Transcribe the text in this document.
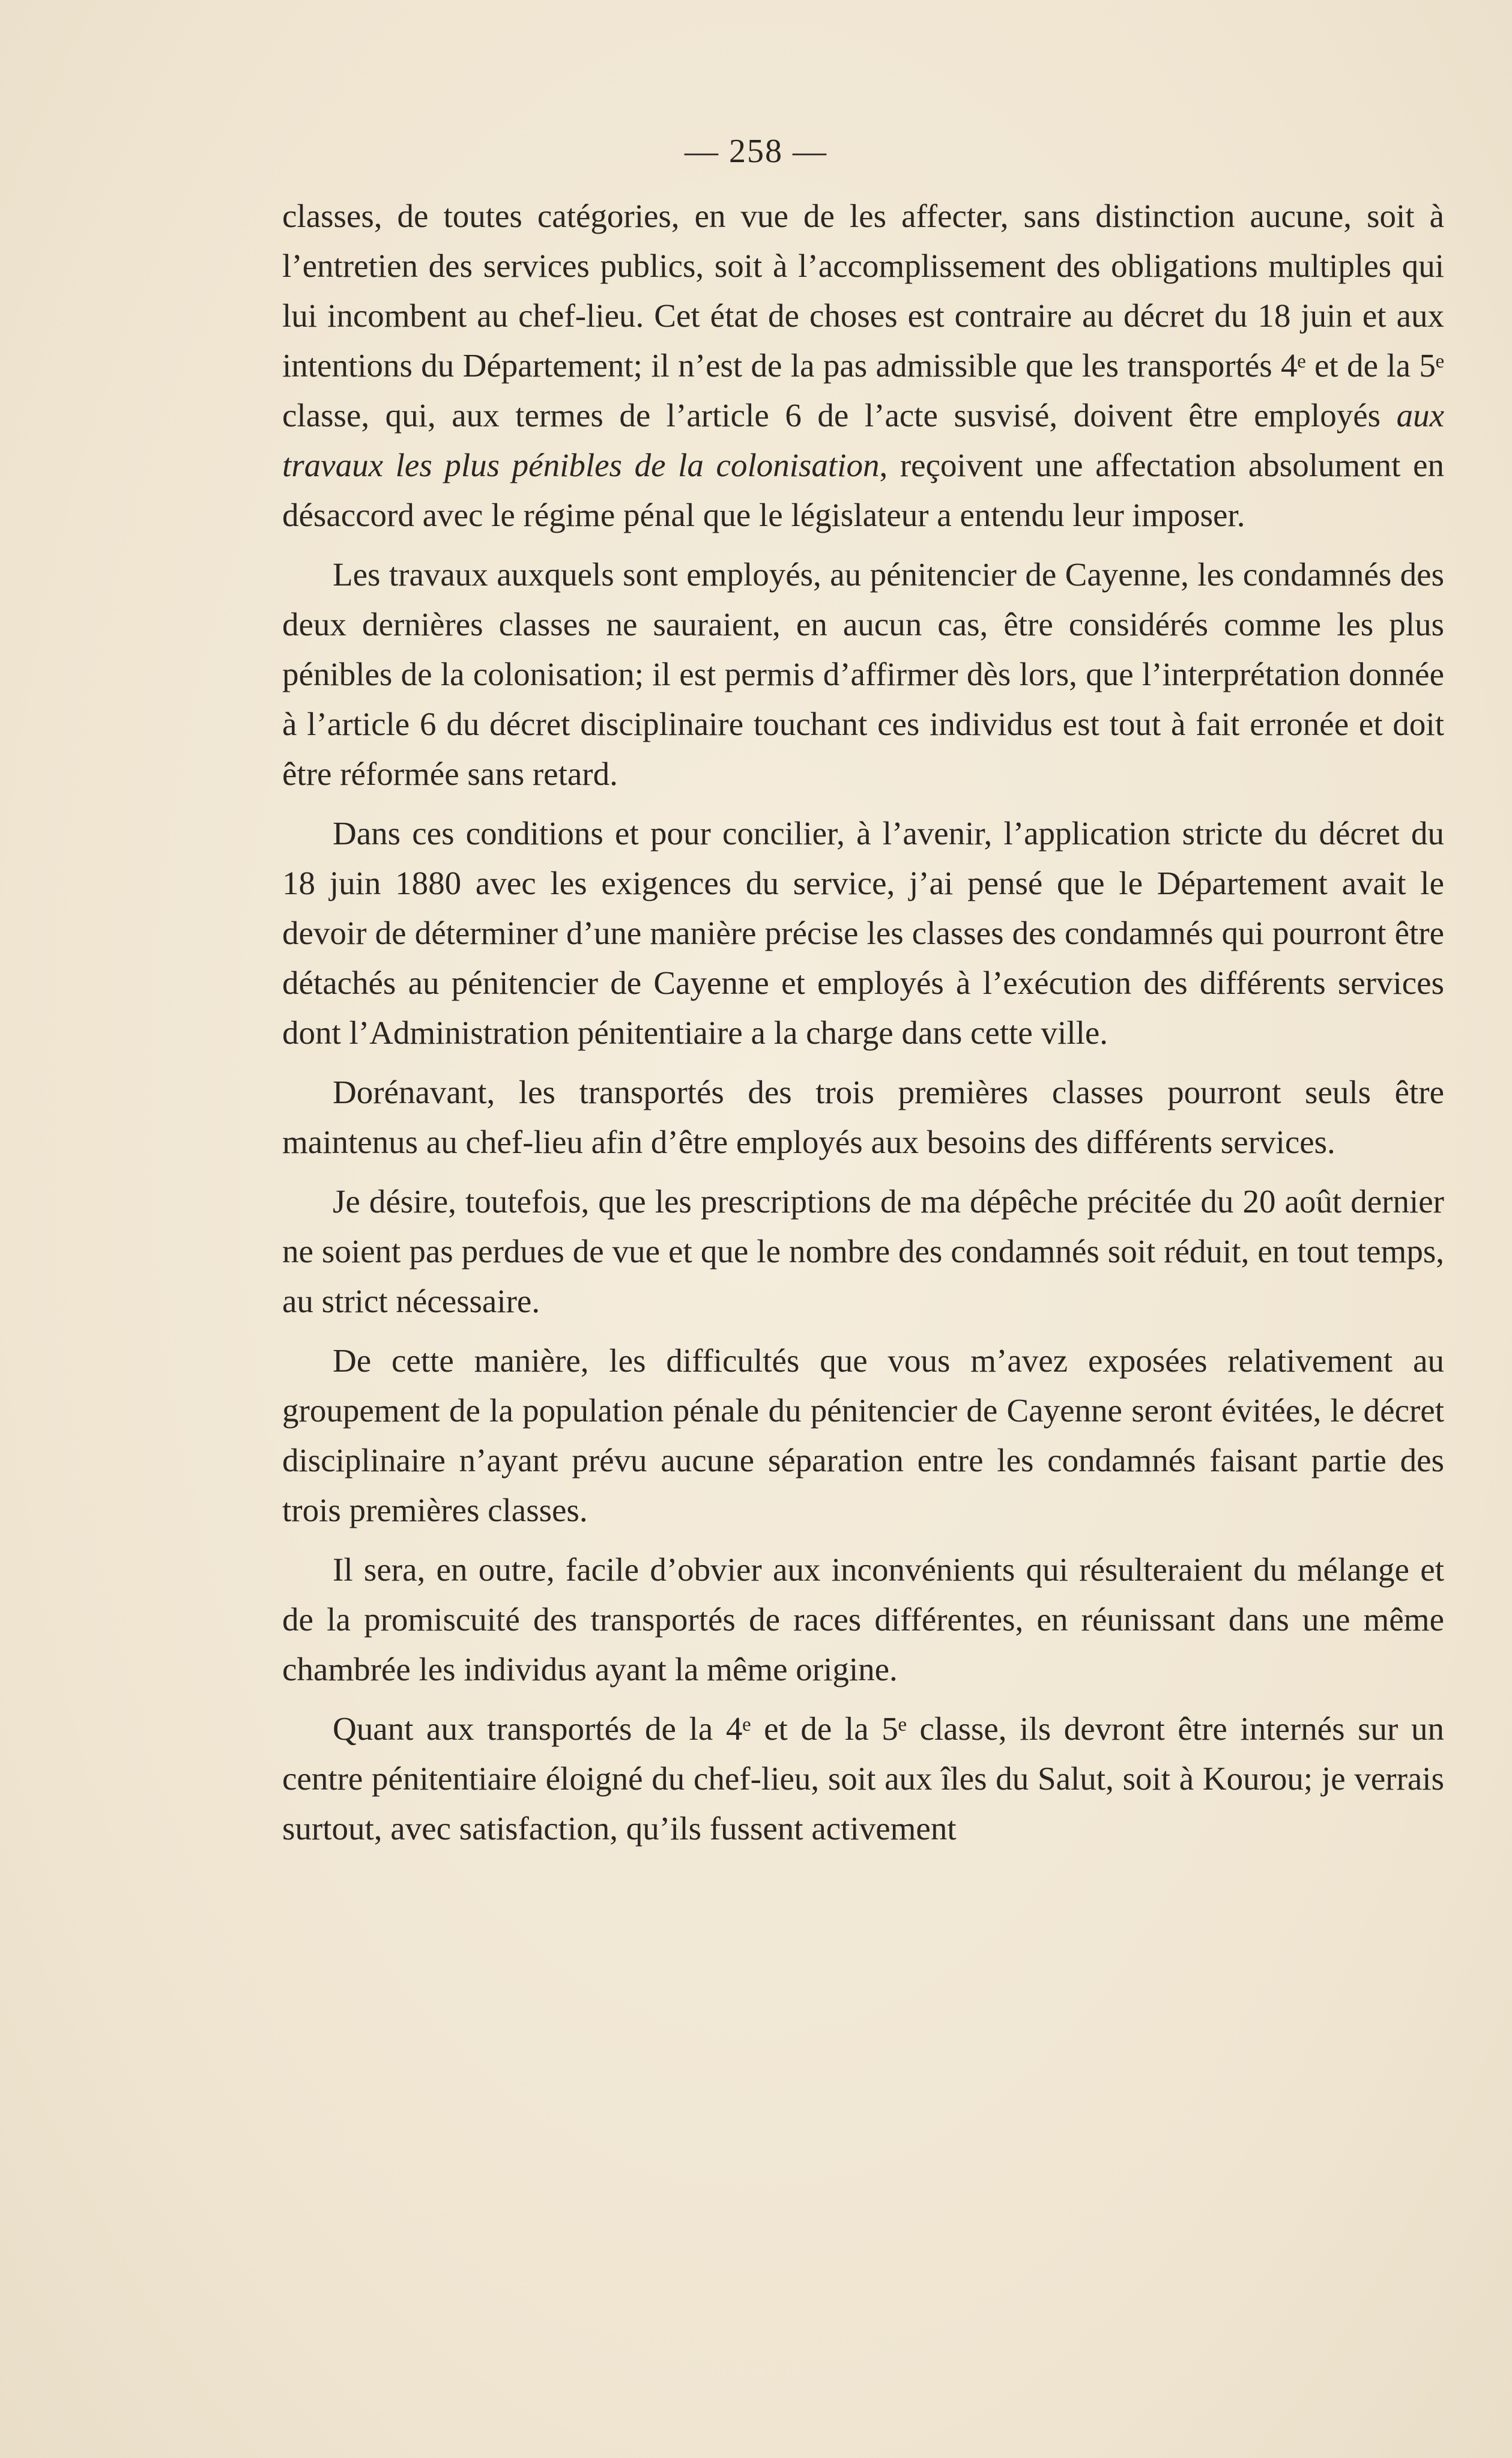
— 258 —

classes, de toutes catégories, en vue de les affecter, sans distinction aucune, soit à l’entretien des services publics, soit à l’accomplissement des obligations multiples qui lui incombent au chef-lieu. Cet état de choses est contraire au décret du 18 juin et aux intentions du Département; il n’est de la pas admissible que les transportés 4ᵉ et de la 5ᵉ classe, qui, aux termes de l’article 6 de l’acte susvisé, doivent être employés aux travaux les plus pénibles de la colonisation, reçoivent une affectation absolument en désaccord avec le régime pénal que le législateur a entendu leur imposer.

Les travaux auxquels sont employés, au pénitencier de Cayenne, les condamnés des deux dernières classes ne sauraient, en aucun cas, être considérés comme les plus pénibles de la colonisation; il est permis d’affirmer dès lors, que l’interprétation donnée à l’article 6 du décret disciplinaire touchant ces individus est tout à fait erronée et doit être réformée sans retard.

Dans ces conditions et pour concilier, à l’avenir, l’application stricte du décret du 18 juin 1880 avec les exigences du service, j’ai pensé que le Département avait le devoir de déterminer d’une manière précise les classes des condamnés qui pourront être détachés au pénitencier de Cayenne et employés à l’exécution des différents services dont l’Administration pénitentiaire a la charge dans cette ville.

Dorénavant, les transportés des trois premières classes pourront seuls être maintenus au chef-lieu afin d’être employés aux besoins des différents services.

Je désire, toutefois, que les prescriptions de ma dépêche précitée du 20 août dernier ne soient pas perdues de vue et que le nombre des condamnés soit réduit, en tout temps, au strict nécessaire.

De cette manière, les difficultés que vous m’avez exposées relativement au groupement de la population pénale du pénitencier de Cayenne seront évitées, le décret disciplinaire n’ayant prévu aucune séparation entre les condamnés faisant partie des trois premières classes.

Il sera, en outre, facile d’obvier aux inconvénients qui résulteraient du mélange et de la promiscuité des transportés de races différentes, en réunissant dans une même chambrée les individus ayant la même origine.

Quant aux transportés de la 4ᵉ et de la 5ᵉ classe, ils devront être internés sur un centre pénitentiaire éloigné du chef-lieu, soit aux îles du Salut, soit à Kourou; je verrais surtout, avec satisfaction, qu’ils fussent activement
